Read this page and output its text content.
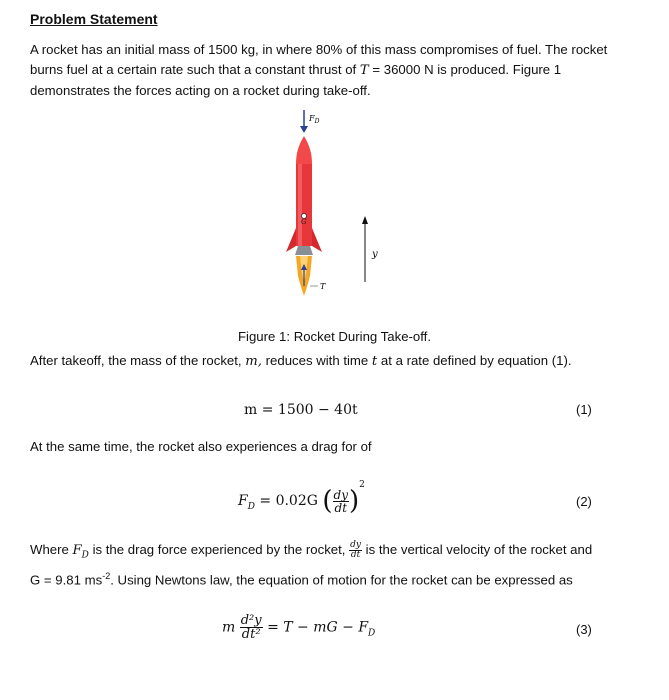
Problem Statement
A rocket has an initial mass of 1500 kg, in where 80% of this mass compromises of fuel. The rocket burns fuel at a certain rate such that a constant thrust of T = 36000 N is produced. Figure 1 demonstrates the forces acting on a rocket during take-off.
$F_D$
FD
G
T
y
Figure 1: Rocket During Take-off.
After takeoff, the mass of the rocket, m, reduces with time t at a rate defined by equation (1).
m = 1500 − 40t	(1)
At the same time, the rocket also experiences a drag for of
$F_D = 0.02G$ ( $\frac{dy}{dt} )^2$
(2)
Where $F_D$ is the drag force experienced by the rocket, $\frac{dy}{dt}$ is the vertical velocity of the rocket and
G = 9.81 $ms^{-2}$. Using Newtons law, the equation of motion for the rocket can be expressed as
m $\frac{\text{d²y}}{\text{dt²}} = T$ − mG − $F_D$	(3)
